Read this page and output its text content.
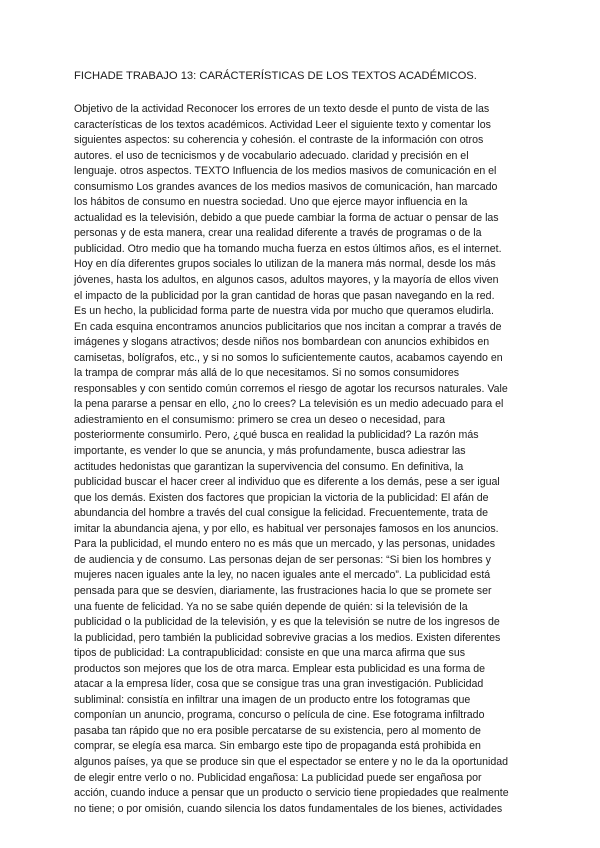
FICHADE TRABAJO 13: CARÁCTERÍSTICAS DE LOS TEXTOS ACADÉMICOS.
Objetivo de la actividad Reconocer los errores de un texto desde el punto de vista de las
características de los textos académicos. Actividad Leer el siguiente texto y comentar los
siguientes aspectos: su coherencia y cohesión. el contraste de la información con otros
autores. el uso de tecnicismos y de vocabulario adecuado. claridad y precisión en el
lenguaje. otros aspectos. TEXTO Influencia de los medios masivos de comunicación en el
consumismo Los grandes avances de los medios masivos de comunicación, han marcado
los hábitos de consumo en nuestra sociedad. Uno que ejerce mayor influencia en la
actualidad es la televisión, debido a que puede cambiar la forma de actuar o pensar de las
personas y de esta manera, crear una realidad diferente a través de programas o de la
publicidad. Otro medio que ha tomando mucha fuerza en estos últimos años, es el internet.
Hoy en día diferentes grupos sociales lo utilizan de la manera más normal, desde los más
jóvenes, hasta los adultos, en algunos casos, adultos mayores, y la mayoría de ellos viven
el impacto de la publicidad por la gran cantidad de horas que pasan navegando en la red.
Es un hecho, la publicidad forma parte de nuestra vida por mucho que queramos eludirla.
En cada esquina encontramos anuncios publicitarios que nos incitan a comprar a través de
imágenes y slogans atractivos; desde niños nos bombardean con anuncios exhibidos en
camisetas, bolígrafos, etc., y si no somos lo suficientemente cautos, acabamos cayendo en
la trampa de comprar más allá de lo que necesitamos. Si no somos consumidores
responsables y con sentido común corremos el riesgo de agotar los recursos naturales. Vale
la pena pararse a pensar en ello, ¿no lo crees? La televisión es un medio adecuado para el
adiestramiento en el consumismo: primero se crea un deseo o necesidad, para
posteriormente consumirlo. Pero, ¿qué busca en realidad la publicidad? La razón más
importante, es vender lo que se anuncia, y más profundamente, busca adiestrar las
actitudes hedonistas que garantizan la supervivencia del consumo. En definitiva, la
publicidad buscar el hacer creer al individuo que es diferente a los demás, pese a ser igual
que los demás. Existen dos factores que propician la victoria de la publicidad: El afán de
abundancia del hombre a través del cual consigue la felicidad. Frecuentemente, trata de
imitar la abundancia ajena, y por ello, es habitual ver personajes famosos en los anuncios.
Para la publicidad, el mundo entero no es más que un mercado, y las personas, unidades
de audiencia y de consumo. Las personas dejan de ser personas: “Si bien los hombres y
mujeres nacen iguales ante la ley, no nacen iguales ante el mercado”. La publicidad está
pensada para que se desvíen, diariamente, las frustraciones hacia lo que se promete ser
una fuente de felicidad. Ya no se sabe quién depende de quién: si la televisión de la
publicidad o la publicidad de la televisión, y es que la televisión se nutre de los ingresos de
la publicidad, pero también la publicidad sobrevive gracias a los medios. Existen diferentes
tipos de publicidad: La contrapublicidad: consiste en que una marca afirma que sus
productos son mejores que los de otra marca. Emplear esta publicidad es una forma de
atacar a la empresa líder, cosa que se consigue tras una gran investigación. Publicidad
subliminal: consistía en infiltrar una imagen de un producto entre los fotogramas que
componían un anuncio, programa, concurso o película de cine. Ese fotograma infiltrado
pasaba tan rápido que no era posible percatarse de su existencia, pero al momento de
comprar, se elegía esa marca. Sin embargo este tipo de propaganda está prohibida en
algunos países, ya que se produce sin que el espectador se entere y no le da la oportunidad
de elegir entre verlo o no. Publicidad engañosa: La publicidad puede ser engañosa por
acción, cuando induce a pensar que un producto o servicio tiene propiedades que realmente
no tiene; o por omisión, cuando silencia los datos fundamentales de los bienes, actividades
